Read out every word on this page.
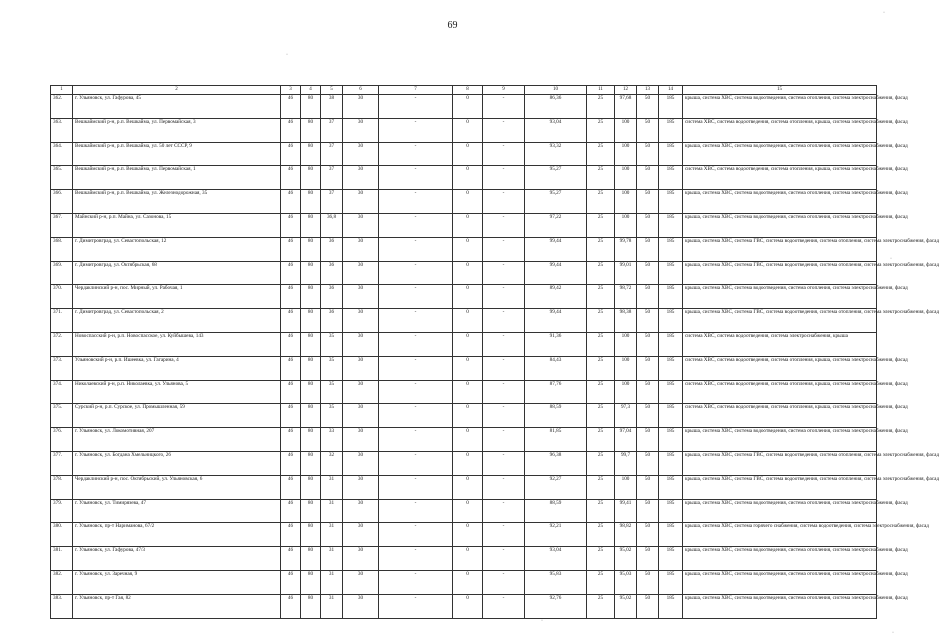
69
·
·
·
·
·
1	2	3	4	5	6	7	8	9	10	11	12	13	14	15
362.	г. Ульяновск, ул. Гафурова, 45	46	80	38	30	-	0	-	86,36	25	97,68	50	185	крыша, система ХВС, система водоотведения, система отопления, система электроснабжения, фасад
363.	Вешкаймский р-н, р.п. Вешкайма, ул. Первомайская, 3	46	80	37	30	-	0	-	93,04	25	100	50	185	система ХВС, система водоотведения, система отопления, крыша, система электроснабжения, фасад
364.	Вешкаймский р-н, р.п. Вешкайма, ул. 50 лет СССР, 9	46	80	37	30	-	0	-	93,32	25	100	50	185	крыша, система ХВС, система водоотведения, система отопления, система электроснабжения, фасад
365.	Вешкаймский р-н, р.п. Вешкайма, ул. Первомайская, 1	46	80	37	30	-	0	-	95,27	25	100	50	185	система ХВС, система водоотведения, система отопления, крыша, система электроснабжения, фасад
366.	Вешкаймский р-н, р.п. Вешкайма, ул. Железнодорожная, 35	46	80	37	30	-	0	-	95,27	25	100	50	185	крыша, система ХВС, система водоотведения, система отопления, система электроснабжения, фасад
367.	Майнский р-н, р.п. Майна, ул. Сазонова, 15	46	80	36,8	30	-	0	-	97,22	25	100	50	185	крыша, система ХВС, система водоотведения, система отопления, система электроснабжения, фасад
368.	г. Димитровград, ул. Севастопольская, 12	46	80	36	30	-	0	-	99,44	25	99,78	50	185	крыша, система ХВС, система ГВС, система водоотведения, система отопления, система электроснабжения, фасад
369.	г. Димитровград, ул. Октябрьская, 68	46	80	36	30	-	0	-	99,44	25	99,01	50	185	крыша, система ХВС, система ГВС, система водоотведения, система отопления, система электроснабжения, фасад
370.	Чердаклинский р-н, пос. Мирный, ул. Рабочая, 1	46	80	36	30	-	0	-	89,42	25	98,72	50	185	крыша, система ХВС, система водоотведения, система отопления, система электроснабжения, фасад
371.	г. Димитровград, ул. Севастопольская, 2	46	80	36	30	-	0	-	99,44	25	98,38	50	185	крыша, система ХВС, система ГВС, система водоотведения, система отопления, система электроснабжения, фасад
372.	Новоспасский р-н, р.п. Новоспасское, ул. Куйбышева, 143	46	80	35	30	-	0	-	91,36	25	100	50	185	система ХВС, система водоотведения, система электроснабжения, крыша
373.	Ульяновский р-н, р.п. Ишеевка, ул. Гагарина, 4	46	80	35	30	-	0	-	84,43	25	100	50	185	система ХВС, система водоотведения, система отопления, крыша, система электроснабжения, фасад
374.	Николаевский р-н, р.п. Николаевка, ул. Ульянова, 5	46	80	35	30	-	0	-	87,76	25	100	50	185	система ХВС, система водоотведения, система отопления, крыша, система электроснабжения, фасад
375.	Сурский р-н, р.п. Сурское, ул. Промышленная, 59	46	80	35	30	-	0	-	88,59	25	97,3	50	185	система ХВС, система водоотведения, система отопления, крыша, система электроснабжения, фасад
376.	г. Ульяновск, ул. Локомотивная, 207	46	80	33	30	-	0	-	81,85	25	97,04	50	185	крыша, система ХВС, система водоотведения, система отопления, система электроснабжения, фасад
377.	г. Ульяновск, ул. Богдана Хмельницкого, 26	46	80	32	30	-	0	-	96,38	25	99,7	50	185	крыша, система ХВС, система ГВС, система водоотведения, система отопления, система электроснабжения, фасад
378.	Чердаклинский р-н, пос. Октябрьский, ул. Ульяновская, 6	46	80	31	30	-	0	-	92,27	25	100	50	185	крыша, система ХВС, система ГВС, система водоотведения, система отопления, система электроснабжения, фасад
379.	г. Ульяновск, ул. Тимирязева, 47	46	80	31	30	-	0	-	88,59	25	99,41	50	185	крыша, система ХВС, система водоотведения, система отопления, система электроснабжения, фасад
380.	г. Ульяновск, пр-т Нариманова, 67/2	46	80	31	30	-	0	-	92,21	25	98,82	50	185	крыша, система ХВС, система горячего снабжения, система водоотведения, система электроснабжения, фасад
381.	г. Ульяновск, ул. Гафурова, 47/3	46	80	31	30	-	0	-	93,04	25	95,02	50	185	крыша, система ХВС, система водоотведения, система отопления, система электроснабжения, фасад
382.	г. Ульяновск, ул. Заречная, 9	46	80	31	30	-	0	-	95,83	25	95,03	50	185	крыша, система ХВС, система водоотведения, система отопления, система электроснабжения, фасад
383.	г. Ульяновск, пр-т Гая, 82	46	80	31	30	-	0	-	92,76	25	95,02	50	185	крыша, система ХВС, система водоотведения, система отопления, система электроснабжения, фасад
